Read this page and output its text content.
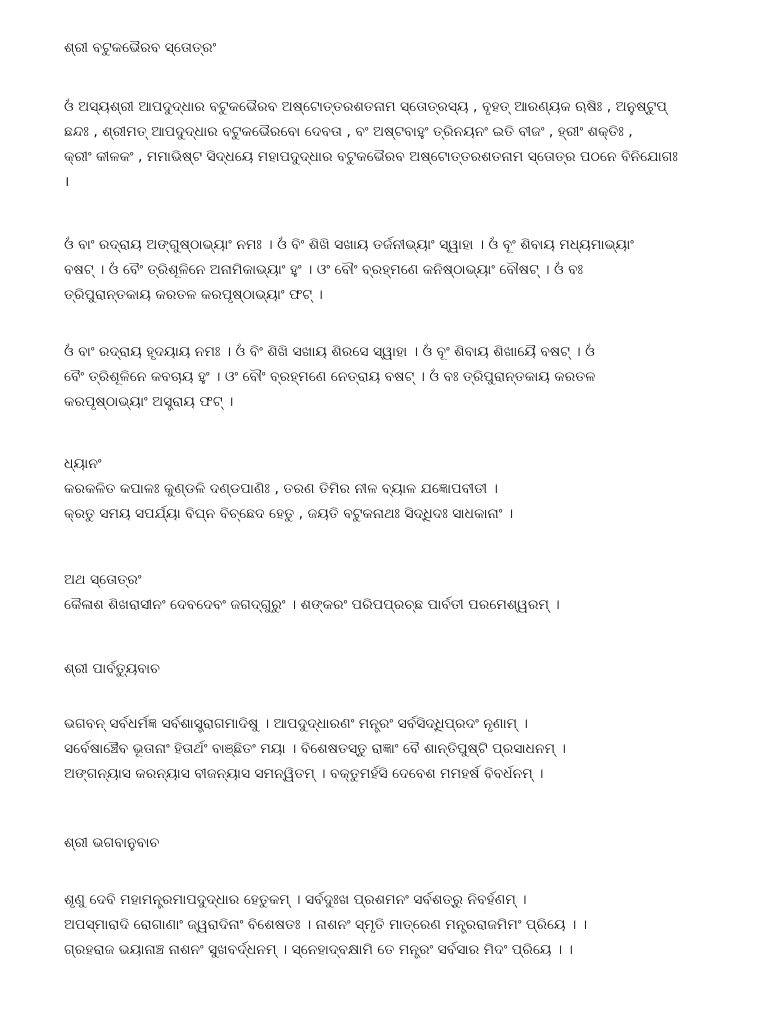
ଶ୍ରୀ ବଟୁକଭୈରବ ସ୍ତୋତ୍ରଂ

ଓଁ ଅସ୍ୟଶ୍ରୀ ଆପଦୁଦ୍ଧାର ବଟୁକଭୈରବ ଅଷ୍ଟୋତ୍ତରଶତନାମ ସ୍ତୋତ୍ରସ୍ୟ , ବୃହତ୍ ଆରଣ୍ୟକ ଋଷିଃ , ଅନୁଷ୍ଟୁପ୍

ଛନ୍ଦଃ , ଶ୍ରୀମତ୍ ଆପଦୁଦ୍ଧାର ବଟୁକଭୈରବୋ ଦେବତା , ବଂ ଅଷ୍ଟବାହୁଂ ତ୍ରିନୟନଂ ଇତି ବୀଜଂ , ହ୍ରୀଂ ଶକ୍ତିଃ ,

କ୍ରୀଂ କୀଳକଂ , ମମାଭିଷ୍ଟ ସିଦ୍ଧୟେ ମହାପଦୁଦ୍ଧାର ବଟୁକଭୈରବ ଅଷ୍ଟୋତ୍ତରଶତନାମ ସ୍ତୋତ୍ର ପଠନେ ବିନିଯୋଗଃ

।

ଓଁ ବାଂ ରଦ୍ରାୟ ଅଙ୍ଗୁଷ୍ଠାଭ୍ୟାଂ ନମଃ । ଓଁ ବିଂ ଶିଖି ସଖାୟ ତର୍ଜନୀଭ୍ୟାଂ ସ୍ୱାହା । ଓଁ ବୂଂ ଶିବାୟ ମଧ୍ୟମାଭ୍ୟାଂ

ବଷଟ୍ । ଓଁ ବୈଂ ତ୍ରିଶୂଳିନେ ଅନାମିକାଭ୍ୟାଂ ହୁଂ । ଓଂ ବୌଂ ବ୍ରହ୍ମଣେ କନିଷ୍ଠାଭ୍ୟାଂ ବୌଷଟ୍ । ଓଁ ବଃ

ତ୍ରିପୁରାନ୍ତକାୟ କରତଳ କରପୃଷ୍ଠାଭ୍ୟାଂ ଫଟ୍ ।

ଓଁ ବାଂ ରଦ୍ରାୟ ହୃଦୟାୟ ନମଃ । ଓଁ ବିଂ ଶିଖି ସଖାୟ ଶିରସେ ସ୍ୱାହା । ଓଁ ବୂଂ ଶିବାୟ ଶିଖାୟୈ ବଷଟ୍ । ଓଁ

ବୈଂ ତ୍ରିଶୂଳିନେ କବଚାୟ ହୁଂ । ଓଂ ବୌଂ ବ୍ରହ୍ମଣେ ନେତ୍ରାୟ ବଷଟ୍ । ଓଁ ବଃ ତ୍ରିପୁରାନ୍ତକାୟ କରତଳ

କରପୃଷ୍ଠାଭ୍ୟାଂ ଅସ୍ତ୍ରାୟ ଫଟ୍ ।

ଧ୍ୟାନଂ

କରକଳିତ କପାଳଃ କୁଣ୍ଡଳି ଦଣ୍ଡପାଣିଃ , ତରଣ ତିମିର ନୀଳ ବ୍ୟାଳ ଯଜ୍ଞୋପବୀତୀ ।

କ୍ରତୁ ସମୟ ସପର୍ଯ୍ୟା ବିଘ୍ନ ବିଚ୍ଛେଦ ହେତୁ , ଜୟତି ବଟୁକନାଥଃ ସିଦ୍ଧିଦଃ ସାଧକାନାଂ ।

ଅଥ ସ୍ତୋତ୍ରଂ

କୈଳାଶ ଶିଖରାସୀନଂ ଦେବଦେବଂ ଜଗଦ୍ଗୁରୁଂ । ଶଙ୍କରଂ ପରିପପ୍ରଚ୍ଛ ପାର୍ବତୀ ପରମେଶ୍ୱରମ୍ ।

ଶ୍ରୀ ପାର୍ବତ୍ୟୁବାଚ

ଭଗବନ୍ ସର୍ବଧର୍ମଜ୍ଞ ସର୍ବଶାସ୍ତ୍ରାଗମାଦିଷୁ । ଆପଦୁଦ୍ଧାରଣଂ ମନ୍ତ୍ରଂ ସର୍ବସିଦ୍ଧିପ୍ରଦଂ ନୃଣାମ୍ ।

ସର୍ବେଷାଞ୍ଚୈବ ଭୂତାନାଂ ହିତାର୍ଥଂ ବାଞ୍ଛିତଂ ମୟା । ବିଶେଷତସ୍ତୁ ରାଜ୍ଞାଂ ବୈ ଶାନ୍ତିପୁଷ୍ଟି ପ୍ରସାଧନମ୍ ।

ଅଙ୍ଗନ୍ୟାସ କରନ୍ୟାସ ବୀଜନ୍ୟାସ ସମନ୍ୱିତମ୍ । ବକ୍ତୁମର୍ହସି ଦେବେଶ ମମହର୍ଷ ବିବର୍ଧନମ୍ ।

ଶ୍ରୀ ଭଗବାନୁବାଚ

ଶୃଣୁ ଦେବି ମହାମନ୍ତ୍ରମାପଦୁଦ୍ଧାର ହେତୁକମ୍ । ସର୍ବଦୁଃଖ ପ୍ରଶମନଂ ସର୍ବଶତ୍ରୁ ନିବର୍ହଣମ୍ ।

ଅପସ୍ମାରାଦି ରୋଗାଣାଂ ଜ୍ୱରାଦିନାଂ ବିଶେଷତଃ । ନାଶନଂ ସ୍ମୃତି ମାତ୍ରେଣ ମନ୍ତ୍ରରାଜମିମଂ ପ୍ରିୟେ । ।

ଗ୍ରହରାଜ ଭୟାନାଞ୍ଚ ନାଶନଂ ସୁଖବର୍ଦ୍ଧନମ୍ । ସ୍ନେହାଦ୍ବକ୍ଷାମି ତେ ମନ୍ତ୍ରଂ ସର୍ବସାର ମିଦଂ ପ୍ରିୟେ । ।
